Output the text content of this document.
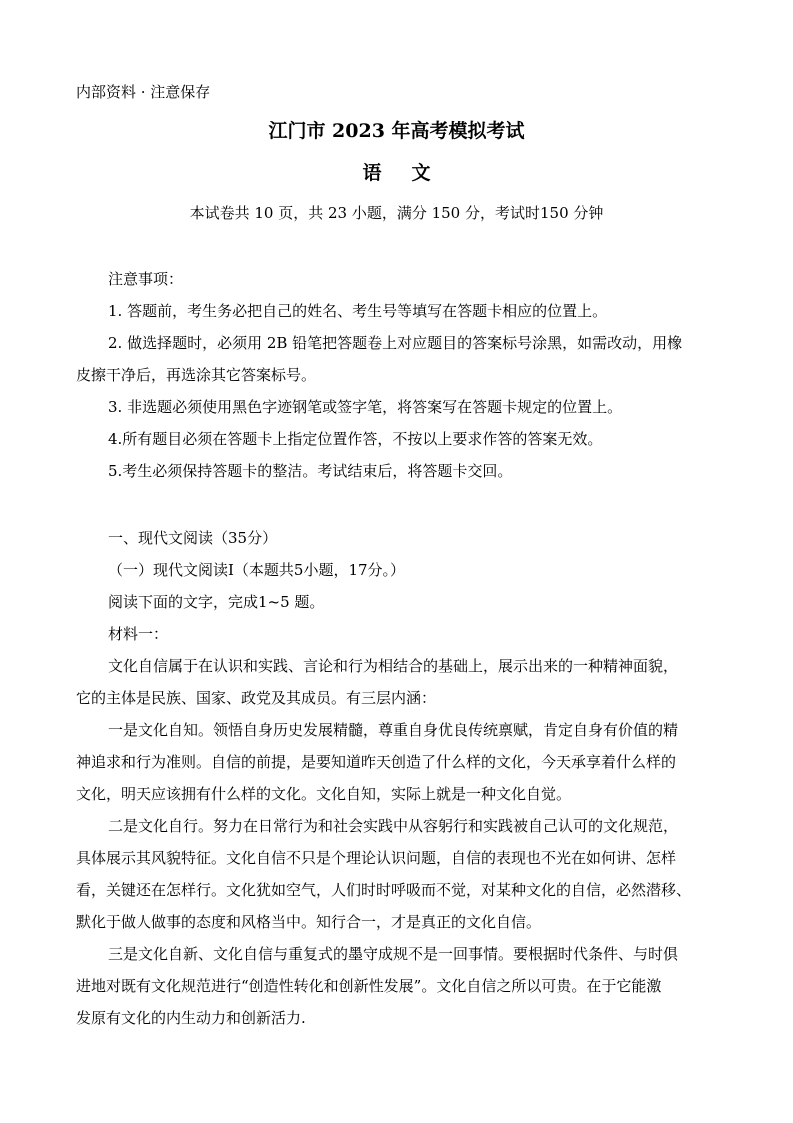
内部资料 · 注意保存
江门市 2023 年高考模拟考试
语 文
本试卷共 10 页，共 23 小题，满分 150 分，考试时150 分钟
注意事项：
1. 答题前，考生务必把自己的姓名、考生号等填写在答题卡相应的位置上。
2. 做选择题时，必须用 2B 铅笔把答题卷上对应题目的答案标号涂黑，如需改动，用橡
皮擦干净后，再选涂其它答案标号。
3. 非选题必须使用黑色字迹钢笔或签字笔，将答案写在答题卡规定的位置上。
4.所有题目必须在答题卡上指定位置作答，不按以上要求作答的答案无效。
5.考生必须保持答题卡的整洁。考试结束后，将答题卡交回。
一、现代文阅读（35分）
（一）现代文阅读Ⅰ（本题共5小题，17分。）
阅读下面的文字，完成1~5 题。
材料一：
文化自信属于在认识和实践、言论和行为相结合的基础上，展示出来的一种精神面貌，
它的主体是民族、国家、政党及其成员。有三层内涵：
一是文化自知。领悟自身历史发展精髓，尊重自身优良传统禀赋，肯定自身有价值的精
神追求和行为准则。自信的前提，是要知道昨天创造了什么样的文化，今天承享着什么样的
文化，明天应该拥有什么样的文化。文化自知，实际上就是一种文化自觉。
二是文化自行。努力在日常行为和社会实践中从容躬行和实践被自己认可的文化规范，
具体展示其风貌特征。文化自信不只是个理论认识问题，自信的表现也不光在如何讲、怎样
看，关键还在怎样行。文化犹如空气，人们时时呼吸而不觉，对某种文化的自信，必然潜移、
默化于做人做事的态度和风格当中。知行合一，才是真正的文化自信。
三是文化自新、文化自信与重复式的墨守成规不是一回事情。要根据时代条件、与时俱
进地对既有文化规范进行“创造性转化和创新性发展”。文化自信之所以可贵。在于它能激
发原有文化的内生动力和创新活力.
